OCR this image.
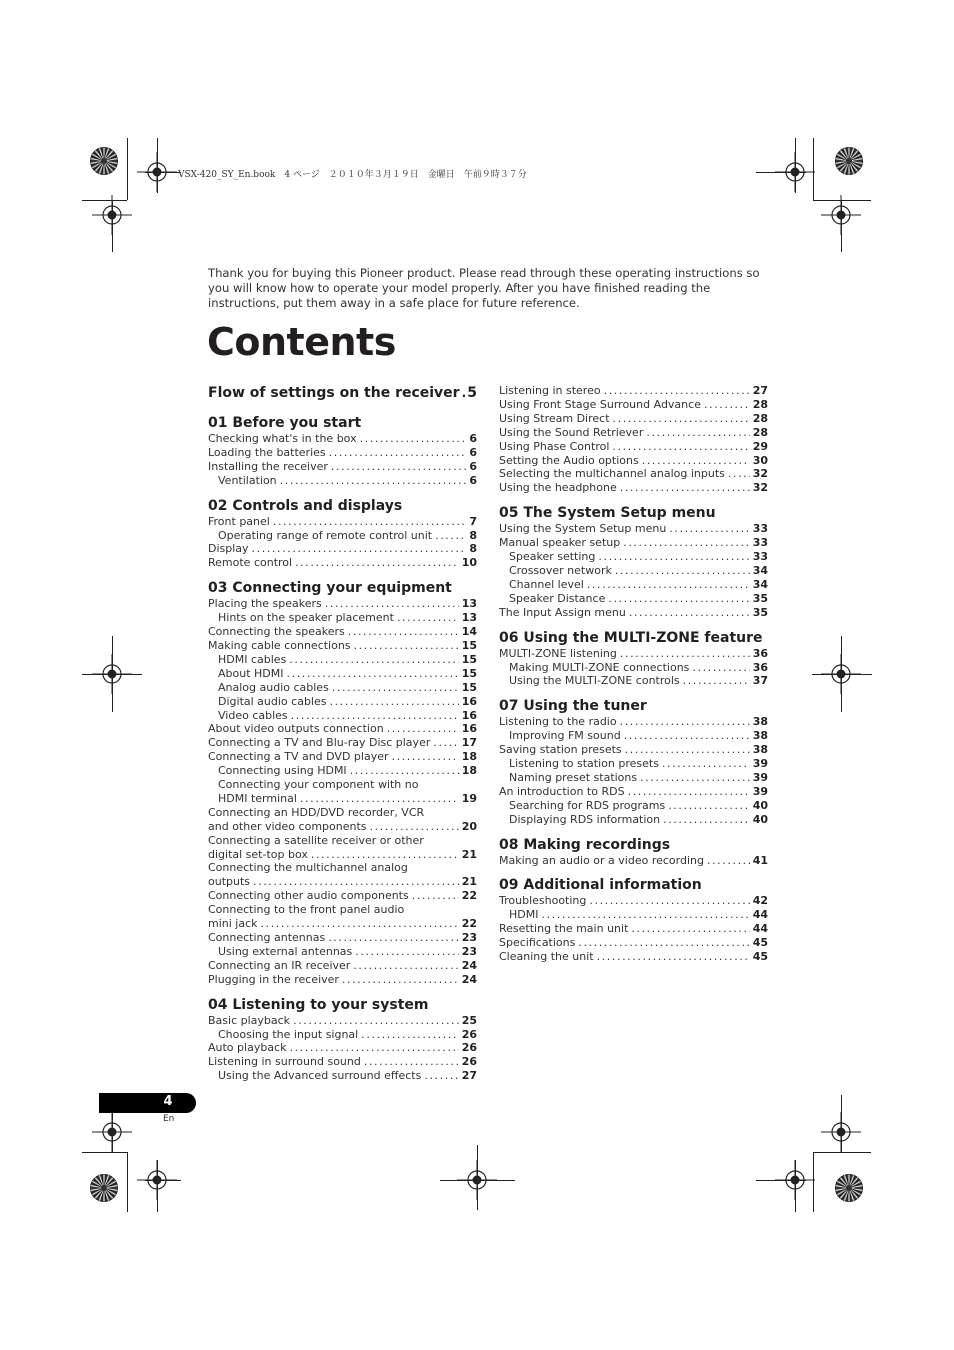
VSX-420_SY_En.book　4 ページ　２０１０年３月１９日　金曜日　午前９時３７分

Thank you for buying this Pioneer product. Please read through these operating instructions so you will know how to operate your model properly. After you have finished reading the instructions, put them away in a safe place for future reference.

Contents
Flow of settings on the receiver . . . 5
01 Before you start
Checking what's in the box .....	6
Loading the batteries .....	6
Installing the receiver .....	6
Ventilation .....	6
02 Controls and displays
Front panel .....	7
Operating range of remote control unit .....	8
Display .....	8
Remote control .....	10
03 Connecting your equipment
Placing the speakers .....	13
Hints on the speaker placement .....	13
Connecting the speakers .....	14
Making cable connections .....	15
HDMI cables .....	15
About HDMI .....	15
Analog audio cables .....	15
Digital audio cables .....	16
Video cables .....	16
About video outputs connection .....	16
Connecting a TV and Blu-ray Disc player .....	17
Connecting a TV and DVD player .....	18
Connecting using HDMI .....	18
Connecting your component with no
HDMI terminal .....	19
Connecting an HDD/DVD recorder, VCR
and other video components .....	20
Connecting a satellite receiver or other
digital set-top box .....	21
Connecting the multichannel analog
outputs .....	21
Connecting other audio components .....	22
Connecting to the front panel audio
mini jack .....	22
Connecting antennas .....	23
Using external antennas .....	23
Connecting an IR receiver .....	24
Plugging in the receiver .....	24
04 Listening to your system
Basic playback .....	25
Choosing the input signal .....	26
Auto playback .....	26
Listening in surround sound .....	26
Using the Advanced surround effects .....	27
Listening in stereo .....	27
Using Front Stage Surround Advance .....	28
Using Stream Direct .....	28
Using the Sound Retriever .....	28
Using Phase Control .....	29
Setting the Audio options .....	30
Selecting the multichannel analog inputs .....	32
Using the headphone .....	32
05 The System Setup menu
Using the System Setup menu .....	33
Manual speaker setup .....	33
Speaker setting .....	33
Crossover network .....	34
Channel level .....	34
Speaker Distance .....	35
The Input Assign menu .....	35
06 Using the MULTI-ZONE feature
MULTI-ZONE listening .....	36
Making MULTI-ZONE connections .....	36
Using the MULTI-ZONE controls .....	37
07 Using the tuner
Listening to the radio .....	38
Improving FM sound .....	38
Saving station presets .....	38
Listening to station presets .....	39
Naming preset stations .....	39
An introduction to RDS .....	39
Searching for RDS programs .....	40
Displaying RDS information .....	40
08 Making recordings
Making an audio or a video recording .....	41
09 Additional information
Troubleshooting .....	42
HDMI .....	44
Resetting the main unit .....	44
Specifications .....	45
Cleaning the unit .....	45
4
En
